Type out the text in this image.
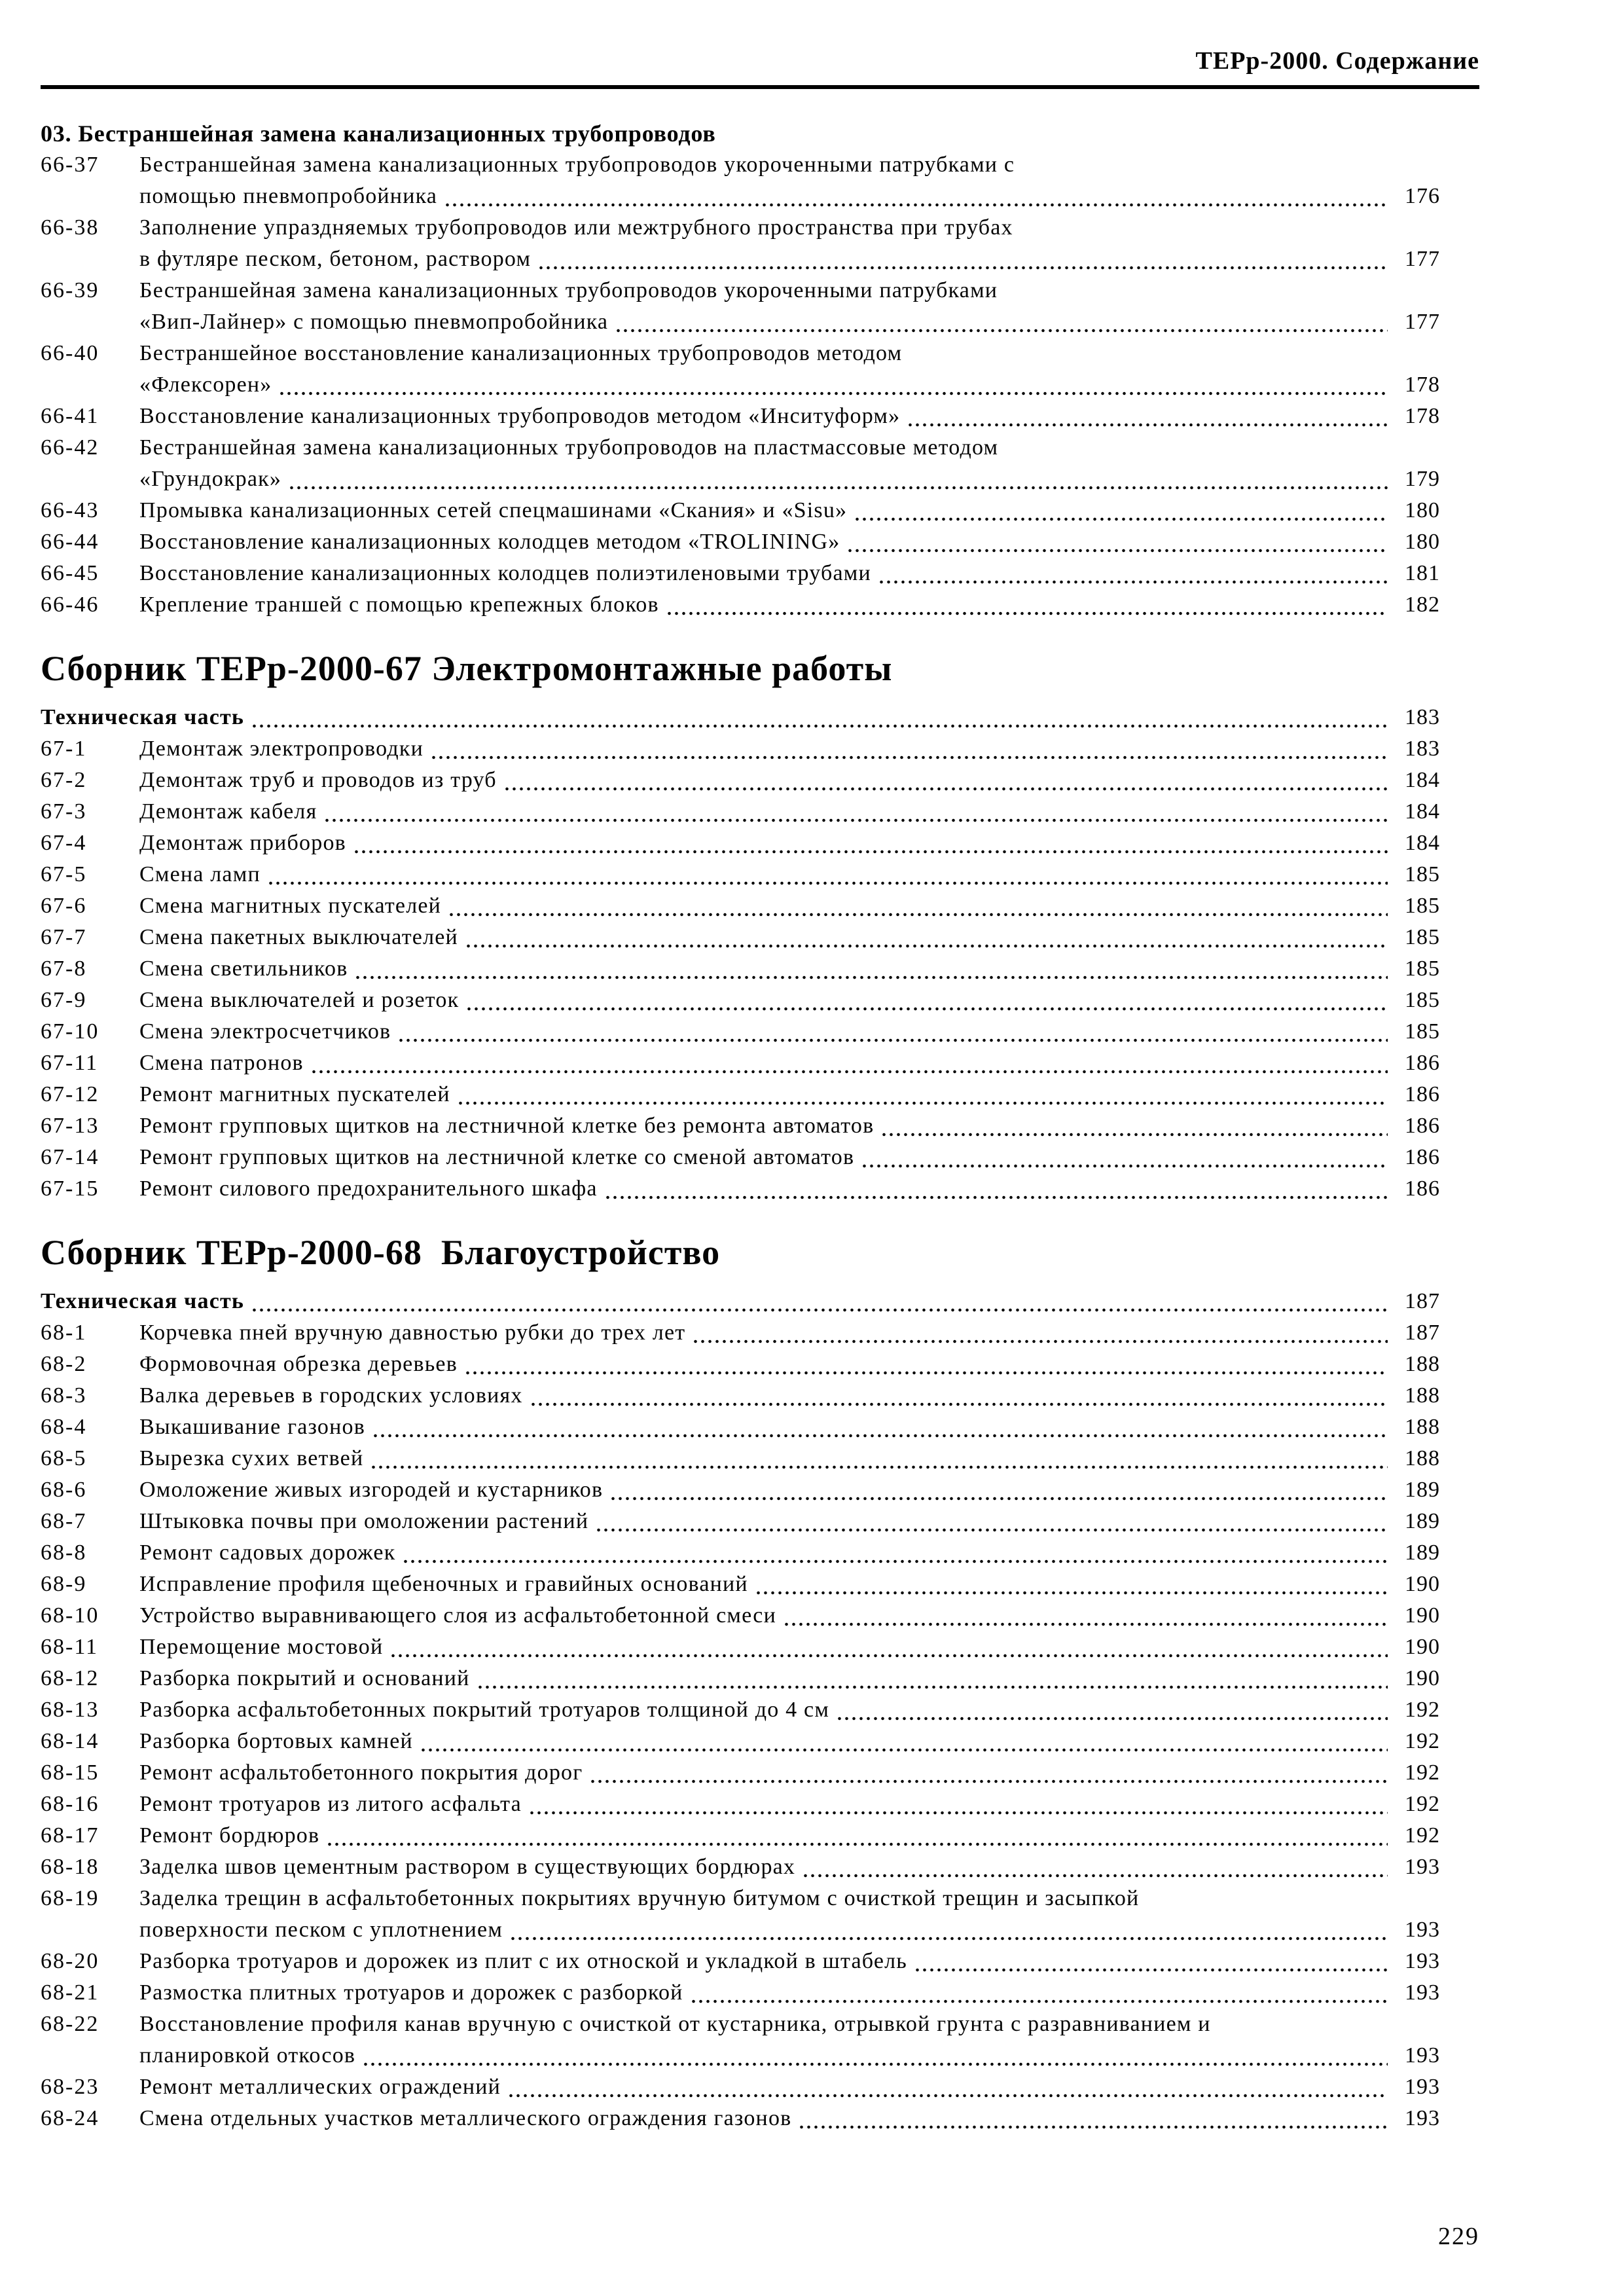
ТЕРр-2000. Содержание
03. Бестраншейная замена канализационных трубопроводов
66-37	Бестраншейная замена канализационных трубопроводов укороченными патрубками с
помощью пневмопробойника	176
66-38	Заполнение упраздняемых трубопроводов или межтрубного пространства при трубах
в футляре песком, бетоном, раствором	177
66-39	Бестраншейная замена канализационных трубопроводов укороченными патрубками
«Вип-Лайнер» с помощью пневмопробойника	177
66-40	Бестраншейное восстановление канализационных трубопроводов методом
«Флексорен»	178
66-41	Восстановление канализационных трубопроводов методом «Инситуформ»	178
66-42	Бестраншейная замена канализационных трубопроводов на пластмассовые методом
«Грундокрак»	179
66-43	Промывка канализационных сетей спецмашинами «Скания» и «Sisu»	180
66-44	Восстановление канализационных колодцев методом «TROLINING»	180
66-45	Восстановление канализационных колодцев полиэтиленовыми трубами	181
66-46	Крепление траншей с помощью крепежных блоков	182
Сборник ТЕРр-2000-67 Электромонтажные работы
Техническая часть	183
67-1	Демонтаж электропроводки	183
67-2	Демонтаж труб и проводов из труб	184
67-3	Демонтаж кабеля	184
67-4	Демонтаж приборов	184
67-5	Смена ламп	185
67-6	Смена магнитных пускателей	185
67-7	Смена пакетных выключателей	185
67-8	Смена светильников	185
67-9	Смена выключателей и розеток	185
67-10	Смена электросчетчиков	185
67-11	Смена патронов	186
67-12	Ремонт магнитных пускателей	186
67-13	Ремонт групповых щитков на лестничной клетке без ремонта автоматов	186
67-14	Ремонт групповых щитков на лестничной клетке со сменой автоматов	186
67-15	Ремонт силового предохранительного шкафа	186
Сборник ТЕРр-2000-68  Благоустройство
Техническая часть	187
68-1	Корчевка пней вручную давностью рубки до трех лет	187
68-2	Формовочная обрезка деревьев	188
68-3	Валка деревьев в городских условиях	188
68-4	Выкашивание газонов	188
68-5	Вырезка сухих ветвей	188
68-6	Омоложение живых изгородей и кустарников	189
68-7	Штыковка почвы при омоложении растений	189
68-8	Ремонт садовых дорожек	189
68-9	Исправление профиля щебеночных и гравийных оснований	190
68-10	Устройство выравнивающего слоя из асфальтобетонной смеси	190
68-11	Перемощение мостовой	190
68-12	Разборка покрытий и оснований	190
68-13	Разборка асфальтобетонных покрытий тротуаров толщиной до 4 см	192
68-14	Разборка бортовых камней	192
68-15	Ремонт асфальтобетонного покрытия дорог	192
68-16	Ремонт тротуаров из литого асфальта	192
68-17	Ремонт бордюров	192
68-18	Заделка швов цементным раствором в существующих бордюрах	193
68-19	Заделка трещин в асфальтобетонных покрытиях вручную битумом с очисткой трещин и засыпкой
поверхности песком с уплотнением	193
68-20	Разборка тротуаров и дорожек из плит с их отноской и укладкой в штабель	193
68-21	Размостка плитных тротуаров и дорожек с разборкой	193
68-22	Восстановление профиля канав вручную с очисткой от кустарника, отрывкой грунта с разравниванием и
планировкой откосов	193
68-23	Ремонт металлических ограждений	193
68-24	Смена отдельных участков металлического ограждения газонов	193
229
